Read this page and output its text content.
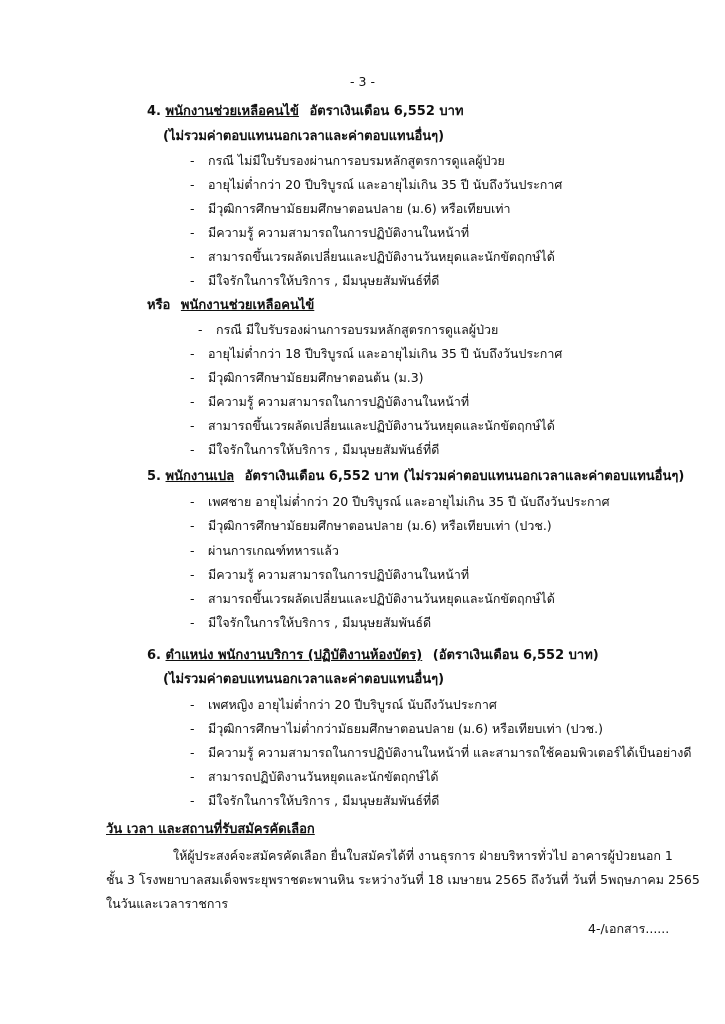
- 3 -
4. พนักงานช่วยเหลือคนไข้ อัตราเงินเดือน 6,552 บาท
(ไม่รวมค่าตอบแทนนอกเวลาและค่าตอบแทนอื่นๆ)
- กรณี ไม่มีใบรับรองผ่านการอบรมหลักสูตรการดูแลผู้ป่วย
- อายุไม่ต่ำกว่า 20 ปีบริบูรณ์ และอายุไม่เกิน 35 ปี นับถึงวันประกาศ
- มีวุฒิการศึกษามัธยมศึกษาตอนปลาย (ม.6) หรือเทียบเท่า
- มีความรู้ ความสามารถในการปฏิบัติงานในหน้าที่
- สามารถขึ้นเวรผลัดเปลี่ยนและปฏิบัติงานวันหยุดและนักขัตฤกษ์ได้
- มีใจรักในการให้บริการ , มีมนุษยสัมพันธ์ที่ดี
หรือ พนักงานช่วยเหลือคนไข้
- กรณี มีใบรับรองผ่านการอบรมหลักสูตรการดูแลผู้ป่วย
- อายุไม่ต่ำกว่า 18 ปีบริบูรณ์ และอายุไม่เกิน 35 ปี นับถึงวันประกาศ
- มีวุฒิการศึกษามัธยมศึกษาตอนต้น (ม.3)
- มีความรู้ ความสามารถในการปฏิบัติงานในหน้าที่
- สามารถขึ้นเวรผลัดเปลี่ยนและปฏิบัติงานวันหยุดและนักขัตฤกษ์ได้
- มีใจรักในการให้บริการ , มีมนุษยสัมพันธ์ที่ดี
5. พนักงานเปล อัตราเงินเดือน 6,552 บาท (ไม่รวมค่าตอบแทนนอกเวลาและค่าตอบแทนอื่นๆ)
- เพศชาย อายุไม่ต่ำกว่า 20 ปีบริบูรณ์ และอายุไม่เกิน 35 ปี นับถึงวันประกาศ
- มีวุฒิการศึกษามัธยมศึกษาตอนปลาย (ม.6) หรือเทียบเท่า (ปวช.)
- ผ่านการเกณฑ์ทหารแล้ว
- มีความรู้ ความสามารถในการปฏิบัติงานในหน้าที่
- สามารถขึ้นเวรผลัดเปลี่ยนและปฏิบัติงานวันหยุดและนักขัตฤกษ์ได้
- มีใจรักในการให้บริการ , มีมนุษยสัมพันธ์ดี
6. ตำแหน่ง พนักงานบริการ (ปฏิบัติงานห้องบัตร) (อัตราเงินเดือน 6,552 บาท)
(ไม่รวมค่าตอบแทนนอกเวลาและค่าตอบแทนอื่นๆ)
- เพศหญิง อายุไม่ต่ำกว่า 20 ปีบริบูรณ์ นับถึงวันประกาศ
- มีวุฒิการศึกษาไม่ต่ำกว่ามัธยมศึกษาตอนปลาย (ม.6) หรือเทียบเท่า (ปวช.)
- มีความรู้ ความสามารถในการปฏิบัติงานในหน้าที่ และสามารถใช้คอมพิวเตอร์ได้เป็นอย่างดี
- สามารถปฏิบัติงานวันหยุดและนักขัตฤกษ์ได้
- มีใจรักในการให้บริการ , มีมนุษยสัมพันธ์ที่ดี
วัน เวลา และสถานที่รับสมัครคัดเลือก
ให้ผู้ประสงค์จะสมัครคัดเลือก ยื่นใบสมัครได้ที่ งานธุรการ ฝ่ายบริหารทั่วไป อาคารผู้ป่วยนอก 1
ชั้น 3 โรงพยาบาลสมเด็จพระยุพราชตะพานหิน ระหว่างวันที่ 18 เมษายน 2565 ถึงวันที่ วันที่ 5พฤษภาคม 2565
ในวันและเวลาราชการ
4-/เอกสาร......
